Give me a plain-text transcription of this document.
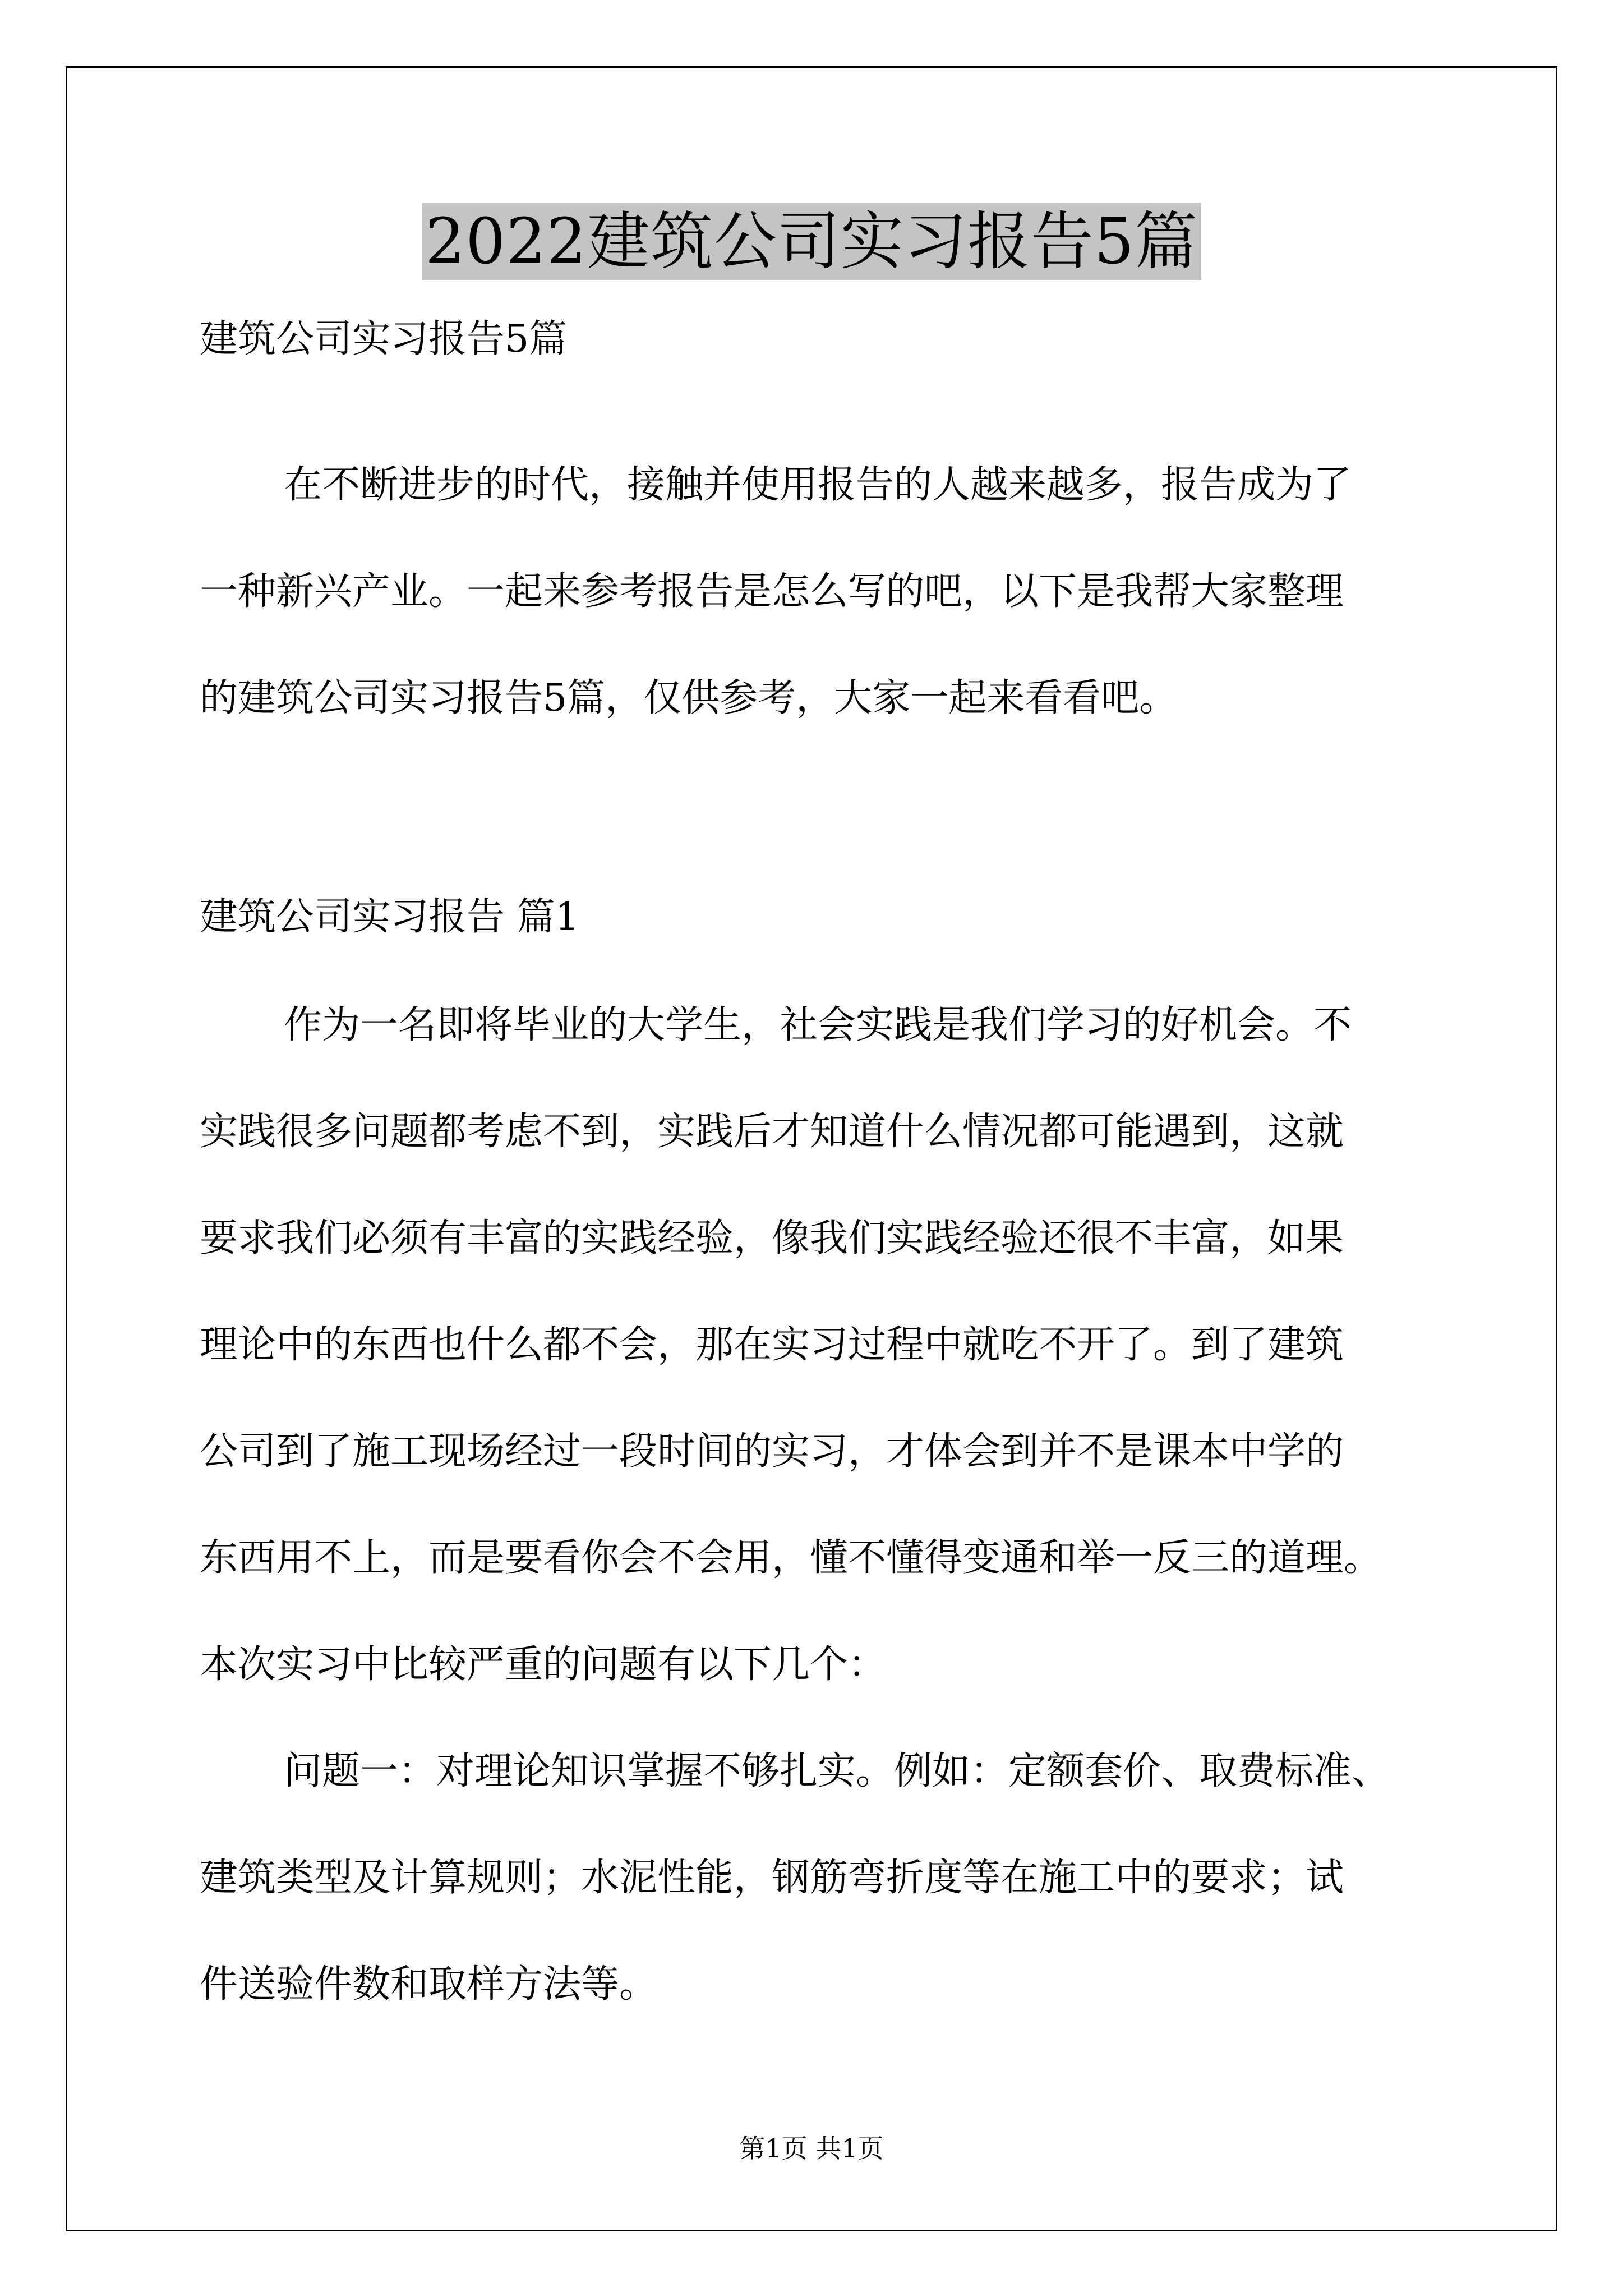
2022建筑公司实习报告5篇
建筑公司实习报告5篇
在不断进步的时代，接触并使用报告的人越来越多，报告成为了
一种新兴产业。一起来参考报告是怎么写的吧，以下是我帮大家整理
的建筑公司实习报告5篇，仅供参考，大家一起来看看吧。
建筑公司实习报告 篇1
作为一名即将毕业的大学生，社会实践是我们学习的好机会。不
实践很多问题都考虑不到，实践后才知道什么情况都可能遇到，这就
要求我们必须有丰富的实践经验，像我们实践经验还很不丰富，如果
理论中的东西也什么都不会，那在实习过程中就吃不开了。到了建筑
公司到了施工现场经过一段时间的实习，才体会到并不是课本中学的
东西用不上，而是要看你会不会用，懂不懂得变通和举一反三的道理。
本次实习中比较严重的问题有以下几个：
问题一：对理论知识掌握不够扎实。例如：定额套价、取费标准、
建筑类型及计算规则；水泥性能，钢筋弯折度等在施工中的要求；试
件送验件数和取样方法等。
第1页 共1页
